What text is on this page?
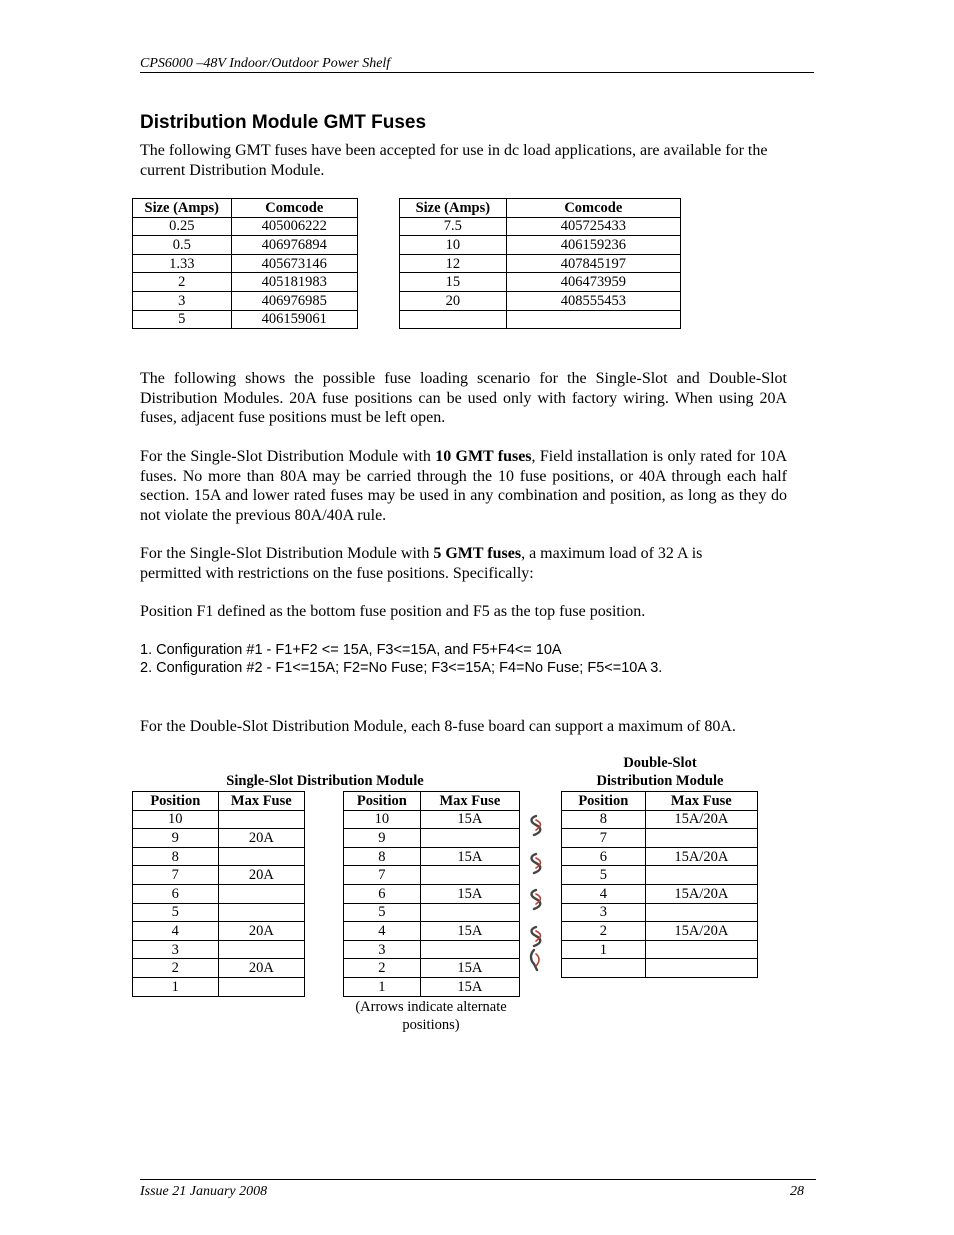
CPS6000 –48V Indoor/Outdoor Power Shelf
Distribution Module GMT Fuses
The following GMT fuses have been accepted for use in dc load applications, are available for the current Distribution Module.
Size (Amps)	Comcode
0.25	405006222
0.5	406976894
1.33	405673146
2	405181983
3	406976985
5	406159061
Size (Amps)	Comcode
7.5	405725433
10	406159236
12	407845197
15	406473959
20	408555453

The following shows the possible fuse loading scenario for the Single-Slot and Double-Slot Distribution Modules. 20A fuse positions can be used only with factory wiring. When using 20A fuses, adjacent fuse positions must be left open.
For the Single-Slot Distribution Module with 10 GMT fuses, Field installation is only rated for 10A fuses. No more than 80A may be carried through the 10 fuse positions, or 40A through each half section. 15A and lower rated fuses may be used in any combination and position, as long as they do not violate the previous 80A/40A rule.
For the Single-Slot Distribution Module with 5 GMT fuses, a maximum load of 32 A is permitted with restrictions on the fuse positions. Specifically:
Position F1 defined as the bottom fuse position and F5 as the top fuse position.
1. Configuration #1 - F1+F2 <= 15A, F3<=15A, and F5+F4<= 10A
2. Configuration #2 - F1<=15A; F2=No Fuse; F3<=15A; F4=No Fuse; F5<=10A 3.
For the Double-Slot Distribution Module, each 8-fuse board can support a maximum of 80A.
Single-Slot Distribution Module
Double-Slot
Distribution Module
Position	Max Fuse
10	
9	20A
8	
7	20A
6	
5	
4	20A
3	
2	20A
1	
Position	Max Fuse
10	15A
9	
8	15A
7	
6	15A
5	
4	15A
3	
2	15A
1	15A
(Arrows indicate alternate positions)
Position	Max Fuse
8	15A/20A
7	
6	15A/20A
5	
4	15A/20A
3	
2	15A/20A
1	

Issue 21 January 2008	28
